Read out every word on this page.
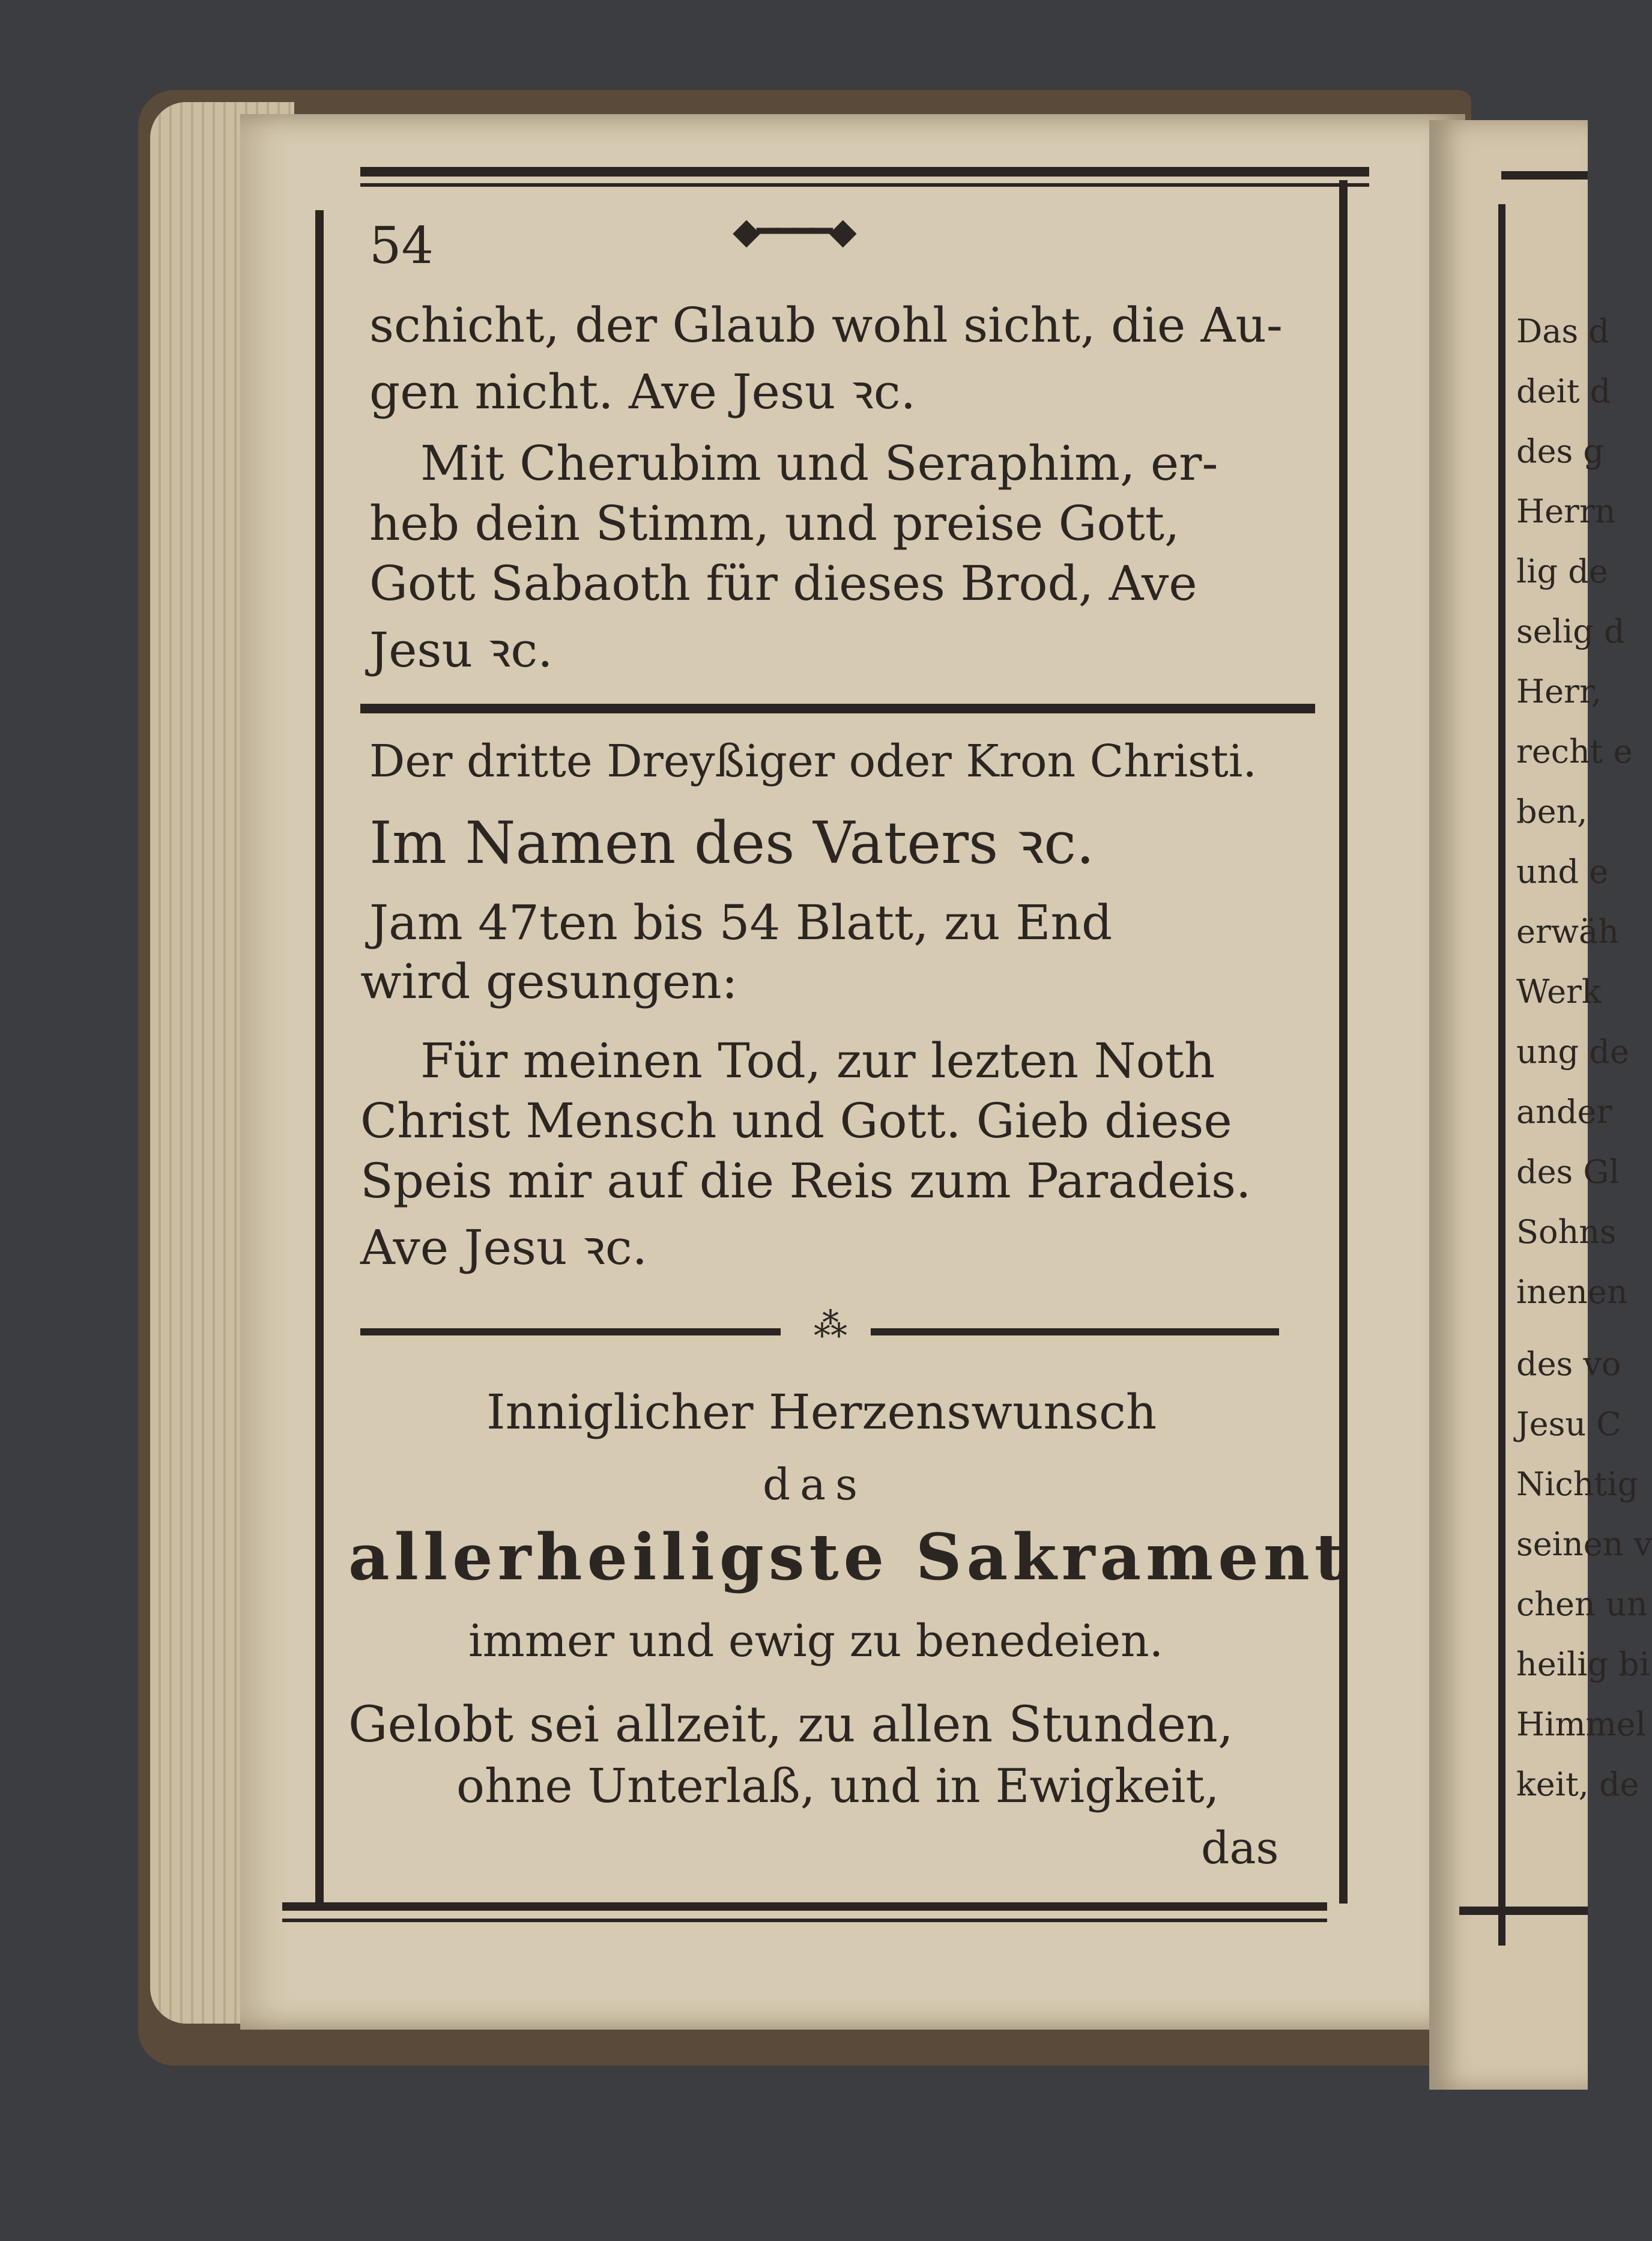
54	◆━━━━◆
schicht, der Glaub wohl sicht, die Au-
gen nicht. Ave Jesu ꝛc.
Mit Cherubim und Seraphim, er-
heb dein Stimm, und preise Gott,
Gott Sabaoth für dieses Brod, Ave
Jesu ꝛc.
Der dritte Dreyßiger oder Kron Christi.
Im Namen des Vaters ꝛc.
Jam 47ten bis 54 Blatt, zu End
wird gesungen:
Für meinen Tod, zur lezten Noth
Christ Mensch und Gott. Gieb diese
Speis mir auf die Reis zum Paradeis.
Ave Jesu ꝛc.
⁂
Inniglicher Herzenswunsch
das
allerheiligste Sakrament
immer und ewig zu benedeien.
Gelobt sei allzeit, zu allen Stunden,
ohne Unterlaß, und in Ewigkeit,
das
Das d
deit d
des g
Herrn
lig de
selig d
Herr,
recht e
ben,
und e
erwäh
Werk
ung de
ander
des Gl
Sohns
inenen
des vo
Jesu C
Nichtig
seinen v
chen un
heilig bi
Himmel
keit, de
